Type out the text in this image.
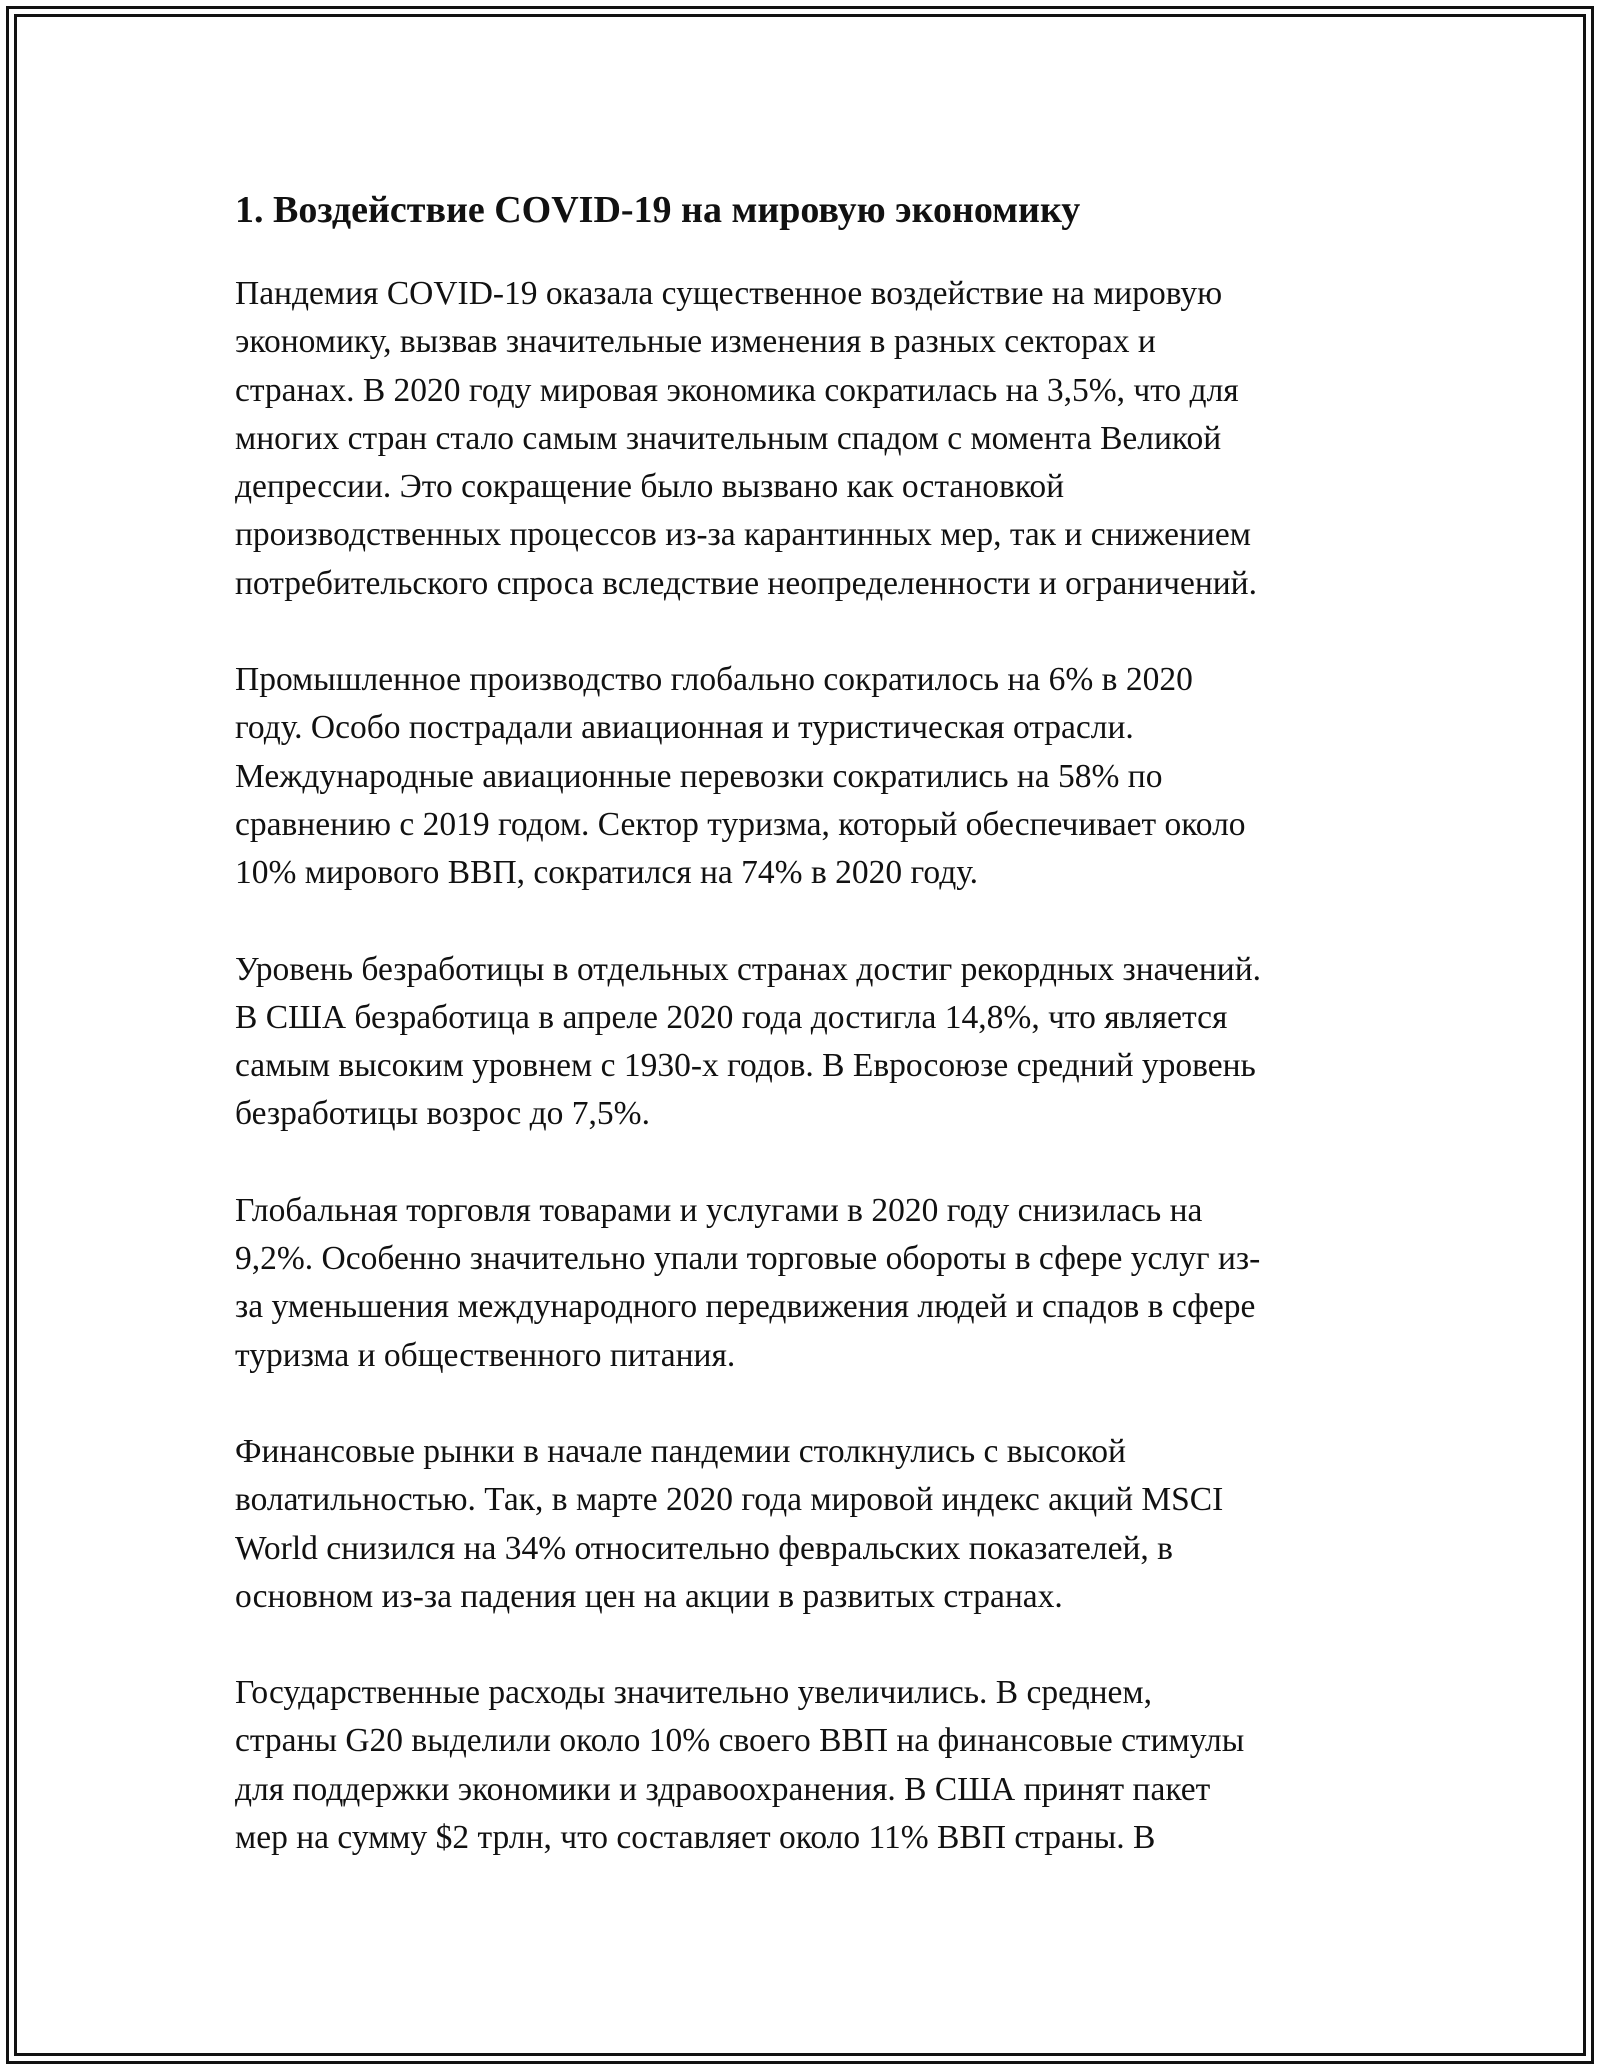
1. Воздействие COVID-19 на мировую экономику

Пандемия COVID-19 оказала существенное воздействие на мировую
экономику, вызвав значительные изменения в разных секторах и
странах. В 2020 году мировая экономика сократилась на 3,5%, что для
многих стран стало самым значительным спадом с момента Великой
депрессии. Это сокращение было вызвано как остановкой
производственных процессов из-за карантинных мер, так и снижением
потребительского спроса вследствие неопределенности и ограничений.

Промышленное производство глобально сократилось на 6% в 2020
году. Особо пострадали авиационная и туристическая отрасли.
Международные авиационные перевозки сократились на 58% по
сравнению с 2019 годом. Сектор туризма, который обеспечивает около
10% мирового ВВП, сократился на 74% в 2020 году.

Уровень безработицы в отдельных странах достиг рекордных значений.
В США безработица в апреле 2020 года достигла 14,8%, что является
самым высоким уровнем с 1930-х годов. В Евросоюзе средний уровень
безработицы возрос до 7,5%.

Глобальная торговля товарами и услугами в 2020 году снизилась на
9,2%. Особенно значительно упали торговые обороты в сфере услуг из-
за уменьшения международного передвижения людей и спадов в сфере
туризма и общественного питания.

Финансовые рынки в начале пандемии столкнулись с высокой
волатильностью. Так, в марте 2020 года мировой индекс акций MSCI
World снизился на 34% относительно февральских показателей, в
основном из-за падения цен на акции в развитых странах.

Государственные расходы значительно увеличились. В среднем,
страны G20 выделили около 10% своего ВВП на финансовые стимулы
для поддержки экономики и здравоохранения. В США принят пакет
мер на сумму $2 трлн, что составляет около 11% ВВП страны. В
